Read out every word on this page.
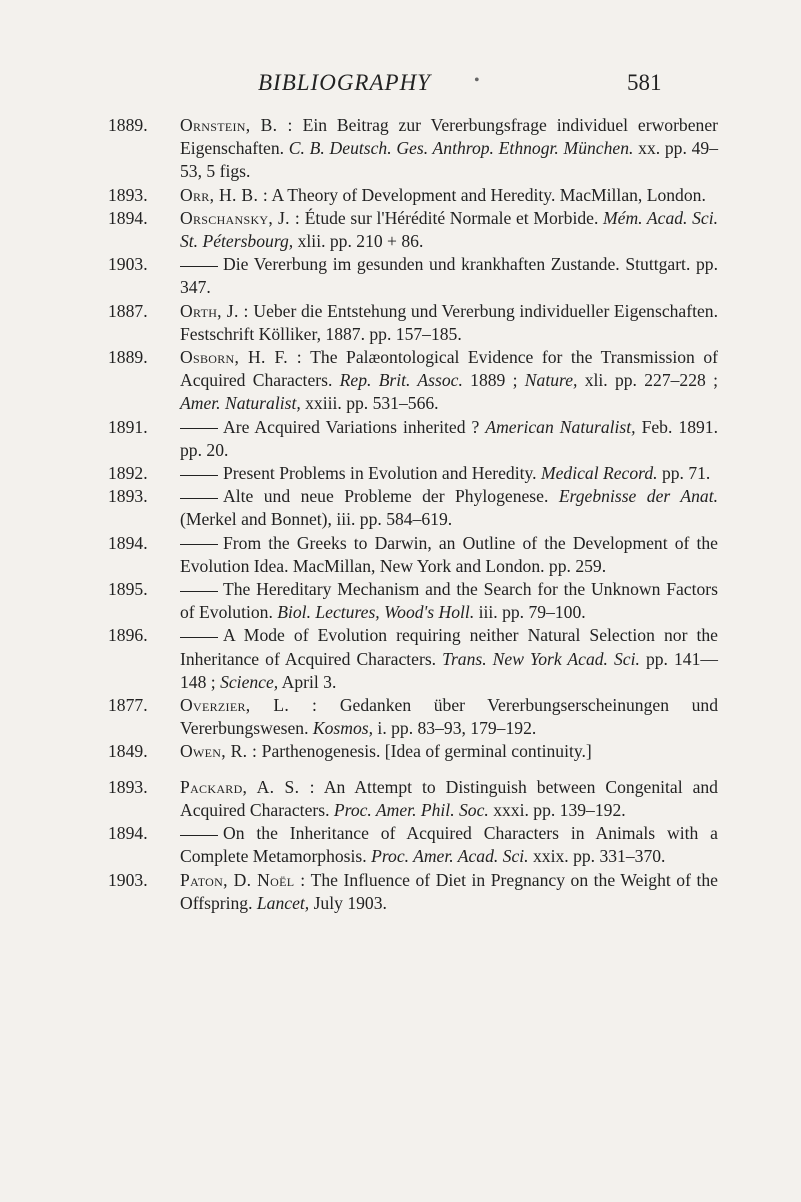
BIBLIOGRAPHY	•	581
1889.	Ornstein, B. : Ein Beitrag zur Vererbungsfrage individuel erworbener Eigenschaften. C. B. Deutsch. Ges. Anthrop. Ethnogr. München. xx. pp. 49–53, 5 figs.
1893.	Orr, H. B. : A Theory of Development and Heredity. MacMillan, London.
1894.	Orschansky, J. : Étude sur l'Hérédité Normale et Morbide. Mém. Acad. Sci. St. Pétersbourg, xlii. pp. 210 + 86.
1903.	Die Vererbung im gesunden und krankhaften Zustande. Stuttgart. pp. 347.
1887.	Orth, J. : Ueber die Entstehung und Vererbung individueller Eigenschaften. Festschrift Kölliker, 1887. pp. 157–185.
1889.	Osborn, H. F. : The Palæontological Evidence for the Transmission of Acquired Characters. Rep. Brit. Assoc. 1889 ; Nature, xli. pp. 227–228 ; Amer. Naturalist, xxiii. pp. 531–566.
1891.	Are Acquired Variations inherited ? American Naturalist, Feb. 1891. pp. 20.
1892.	Present Problems in Evolution and Heredity. Medical Record. pp. 71.
1893.	Alte und neue Probleme der Phylogenese. Ergebnisse der Anat. (Merkel and Bonnet), iii. pp. 584–619.
1894.	From the Greeks to Darwin, an Outline of the Development of the Evolution Idea. MacMillan, New York and London. pp. 259.
1895.	The Hereditary Mechanism and the Search for the Unknown Factors of Evolution. Biol. Lectures, Wood's Holl. iii. pp. 79–100.
1896.	A Mode of Evolution requiring neither Natural Selection nor the Inheritance of Acquired Characters. Trans. New York Acad. Sci. pp. 141—148 ; Science, April 3.
1877.	Overzier, L. : Gedanken über Vererbungserscheinungen und Vererbungswesen. Kosmos, i. pp. 83–93, 179–192.
1849.	Owen, R. : Parthenogenesis. [Idea of germinal continuity.]
1893.	Packard, A. S. : An Attempt to Distinguish between Congenital and Acquired Characters. Proc. Amer. Phil. Soc. xxxi. pp. 139–192.
1894.	On the Inheritance of Acquired Characters in Animals with a Complete Metamorphosis. Proc. Amer. Acad. Sci. xxix. pp. 331–370.
1903.	Paton, D. Noël : The Influence of Diet in Pregnancy on the Weight of the Offspring. Lancet, July 1903.
